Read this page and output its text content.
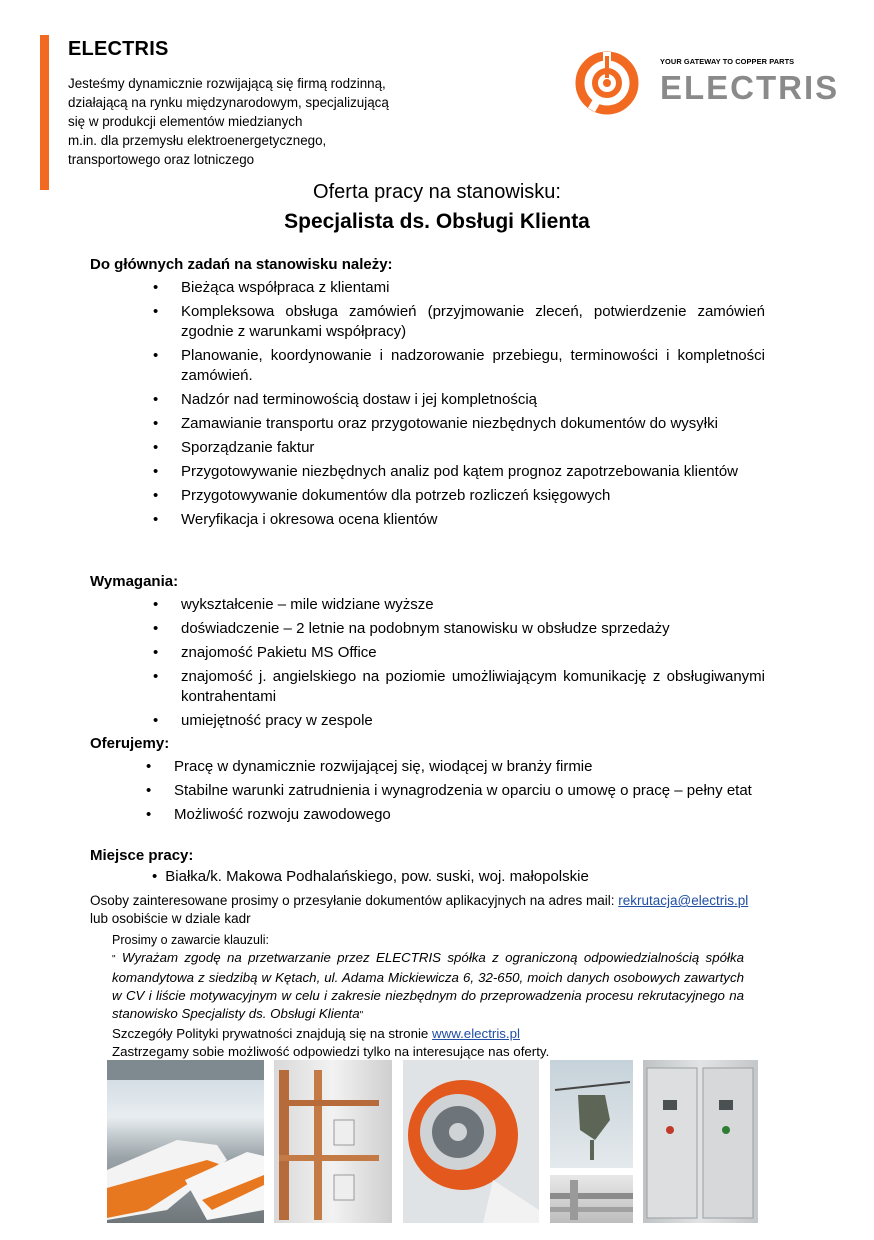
ELECTRIS
Jesteśmy dynamicznie rozwijającą się firmą rodzinną,
działającą na rynku międzynarodowym, specjalizującą
się w produkcji elementów miedzianych
m.in. dla przemysłu elektroenergetycznego,
transportowego oraz lotniczego
YOUR GATEWAY TO COPPER PARTS
ELECTRIS
Oferta pracy na stanowisku:
Specjalista ds. Obsługi Klienta
Do głównych zadań na stanowisku należy:
• Bieżąca współpraca z klientami
• Kompleksowa obsługa zamówień (przyjmowanie zleceń, potwierdzenie zamówień zgodnie z warunkami współpracy)
• Planowanie, koordynowanie i nadzorowanie przebiegu, terminowości i kompletności zamówień.
• Nadzór nad terminowością dostaw i jej kompletnością
• Zamawianie transportu oraz przygotowanie niezbędnych dokumentów do wysyłki
• Sporządzanie faktur
• Przygotowywanie niezbędnych analiz pod kątem prognoz zapotrzebowania klientów
• Przygotowywanie dokumentów dla potrzeb rozliczeń księgowych
• Weryfikacja i okresowa ocena klientów
Wymagania:
• wykształcenie – mile widziane wyższe
• doświadczenie – 2 letnie na podobnym stanowisku w obsłudze sprzedaży
• znajomość Pakietu MS Office
• znajomość j. angielskiego na poziomie umożliwiającym komunikację z obsługiwanymi kontrahentami
• umiejętność pracy w zespole
Oferujemy:
• Pracę w dynamicznie rozwijającej się, wiodącej w branży firmie
• Stabilne warunki zatrudnienia i wynagrodzenia w oparciu o umowę o pracę – pełny etat
• Możliwość rozwoju zawodowego
Miejsce pracy:
• Białka/k. Makowa Podhalańskiego, pow. suski, woj. małopolskie
Osoby zainteresowane prosimy o przesyłanie dokumentów aplikacyjnych na adres mail: rekrutacja@electris.pl
lub osobiście w dziale kadr
Prosimy o zawarcie klauzuli:
" Wyrażam zgodę na przetwarzanie przez ELECTRIS spółka z ograniczoną odpowiedzialnością spółka komandytowa z siedzibą w Kętach, ul. Adama Mickiewicza 6, 32-650, moich danych osobowych zawartych w CV i liście motywacyjnym w celu i zakresie niezbędnym do przeprowadzenia procesu rekrutacyjnego na stanowisko Specjalisty ds. Obsługi Klienta"
Szczegóły Polityki prywatności znajdują się na stronie www.electris.pl
Zastrzegamy sobie możliwość odpowiedzi tylko na interesujące nas oferty.
